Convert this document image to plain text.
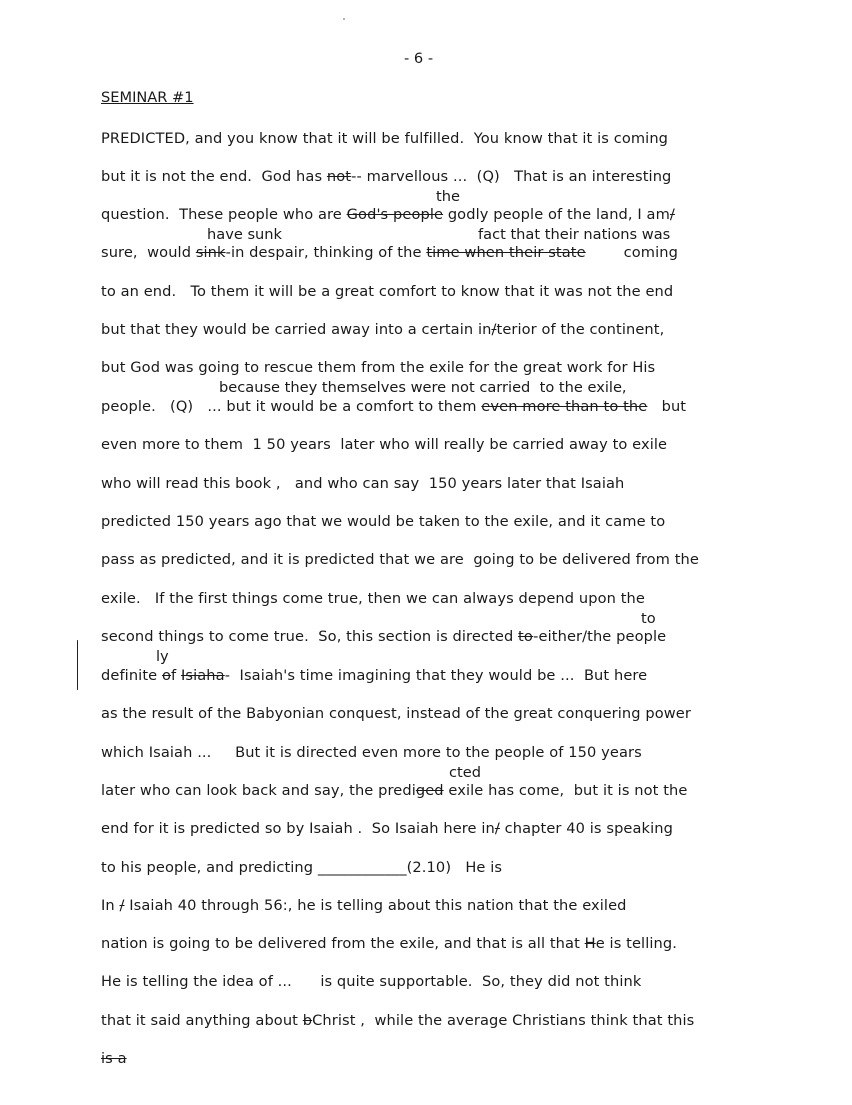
- 6 -
SEMINAR #1
PREDICTED, and you know that it will be fulfilled.  You know that it is coming
but it is not the end.  God has not-- marvellous ...  (Q)   That is an interesting
question.  These people who are God's people godly people of the land, I am/
sure,  would sink-in despair, thinking of the time when their state        coming
to an end.   To them it will be a great comfort to know that it was not the end
but that they would be carried away into a certain in/terior of the continent,
but God was going to rescue them from the exile for the great work for His
people.   (Q)   ... but it would be a comfort to them even more than to the   but
even more to them  1 50 years  later who will really be carried away to exile
who will read this book ,   and who can say  150 years later that Isaiah
predicted 150 years ago that we would be taken to the exile, and it came to
pass as predicted, and it is predicted that we are  going to be delivered from the
exile.   If the first things come true, then we can always depend upon the
second things to come true.  So, this section is directed to-either/the people
definite of Isiaha-  Isaiah's time imagining that they would be ...  But here
as the result of the Babyonian conquest, instead of the great conquering power
which Isaiah ...     But it is directed even more to the people of 150 years
later who can look back and say, the prediged exile has come,  but it is not the
end for it is predicted so by Isaiah .  So Isaiah here in/ chapter 40 is speaking
to his people, and predicting ____________(2.10)   He is
In / Isaiah 40 through 56:, he is telling about this nation that the exiled
nation is going to be delivered from the exile, and that is all that He is telling.
He is telling the idea of ...      is quite supportable.  So, they did not think
that it said anything about bChrist ,  while the average Christians think that this
is a
the
have sunk	fact that their nations was
because they themselves were not carried  to the exile,
to
ly
cted
